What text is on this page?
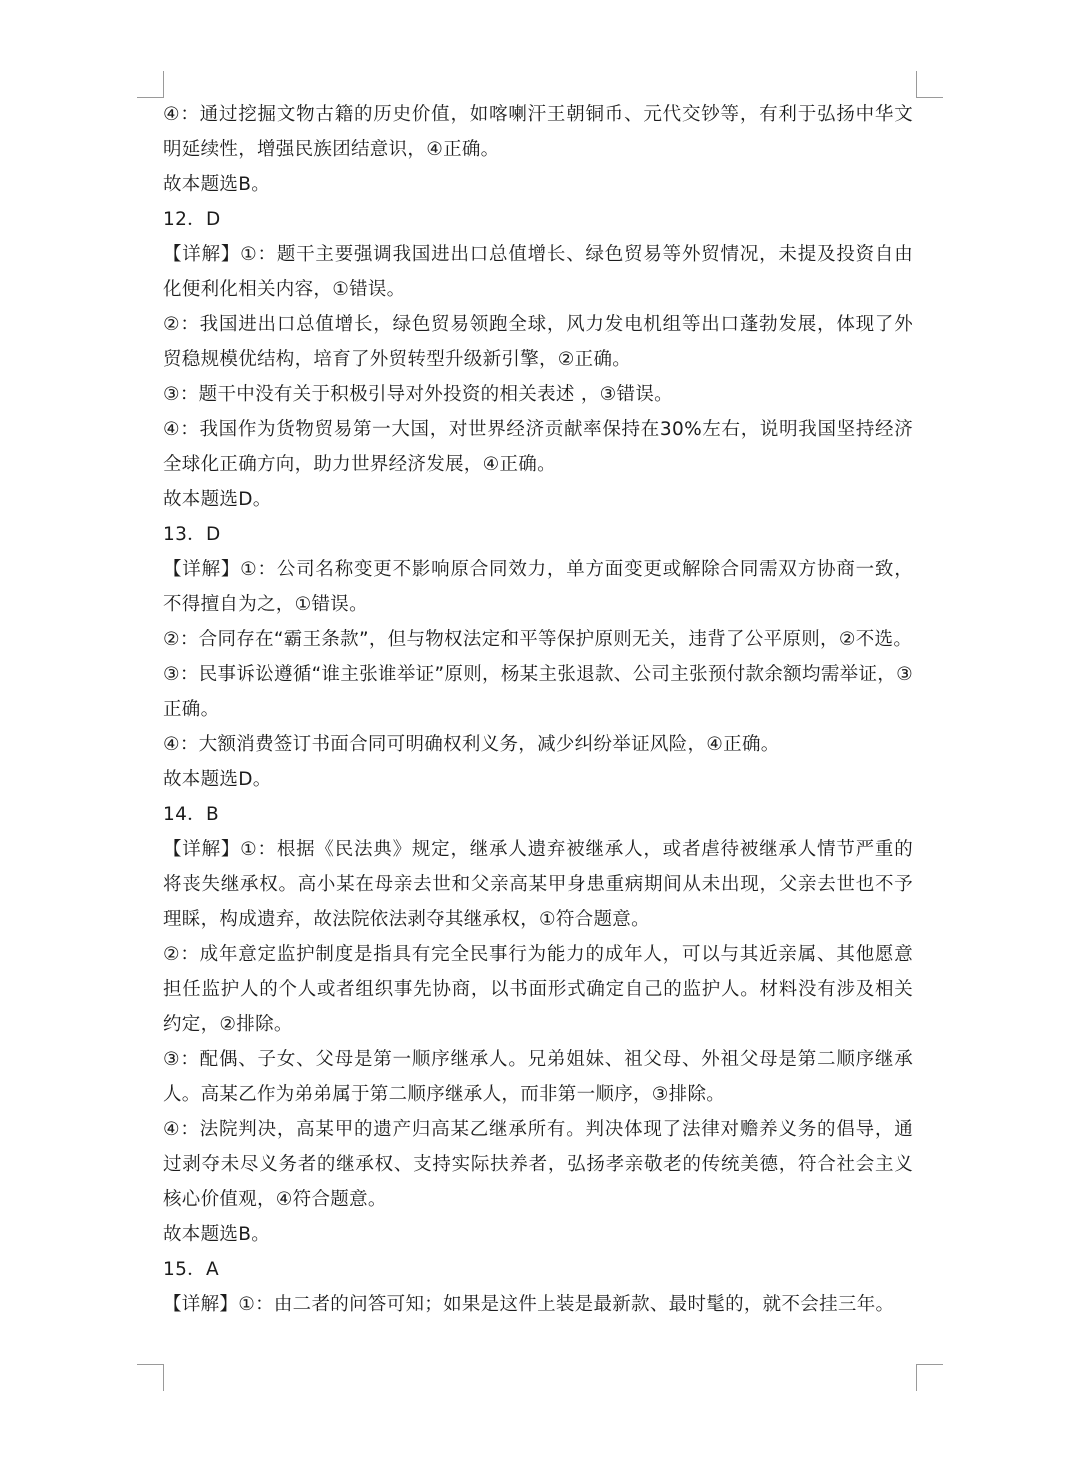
④：通过挖掘文物古籍的历史价值，如喀喇汗王朝铜币、元代交钞等，有利于弘扬中华文明延续性，增强民族团结意识，④正确。

故本题选B。

12．D

【详解】①：题干主要强调我国进出口总值增长、绿色贸易等外贸情况，未提及投资自由化便利化相关内容，①错误。

②：我国进出口总值增长，绿色贸易领跑全球，风力发电机组等出口蓬勃发展，体现了外贸稳规模优结构，培育了外贸转型升级新引擎，②正确。

③：题干中没有关于积极引导对外投资的相关表述 ，③错误。

④：我国作为货物贸易第一大国，对世界经济贡献率保持在30%左右，说明我国坚持经济全球化正确方向，助力世界经济发展，④正确。

故本题选D。

13．D

【详解】①：公司名称变更不影响原合同效力，单方面变更或解除合同需双方协商一致，不得擅自为之，①错误。

②：合同存在“霸王条款”，但与物权法定和平等保护原则无关，违背了公平原则，②不选。

③：民事诉讼遵循“谁主张谁举证”原则，杨某主张退款、公司主张预付款余额均需举证，③正确。

④：大额消费签订书面合同可明确权利义务，减少纠纷举证风险，④正确。

故本题选D。

14．B

【详解】①：根据《民法典》规定，继承人遗弃被继承人，或者虐待被继承人情节严重的将丧失继承权。高小某在母亲去世和父亲高某甲身患重病期间从未出现，父亲去世也不予理睬，构成遗弃，故法院依法剥夺其继承权，①符合题意。

②：成年意定监护制度是指具有完全民事行为能力的成年人，可以与其近亲属、其他愿意担任监护人的个人或者组织事先协商，以书面形式确定自己的监护人。材料没有涉及相关约定，②排除。

③：配偶、子女、父母是第一顺序继承人。兄弟姐妹、祖父母、外祖父母是第二顺序继承人。高某乙作为弟弟属于第二顺序继承人，而非第一顺序，③排除。

④：法院判决，高某甲的遗产归高某乙继承所有。判决体现了法律对赡养义务的倡导，通过剥夺未尽义务者的继承权、支持实际扶养者，弘扬孝亲敬老的传统美德，符合社会主义核心价值观，④符合题意。

故本题选B。

15．A

【详解】①：由二者的问答可知；如果是这件上装是最新款、最时髦的，就不会挂三年。
